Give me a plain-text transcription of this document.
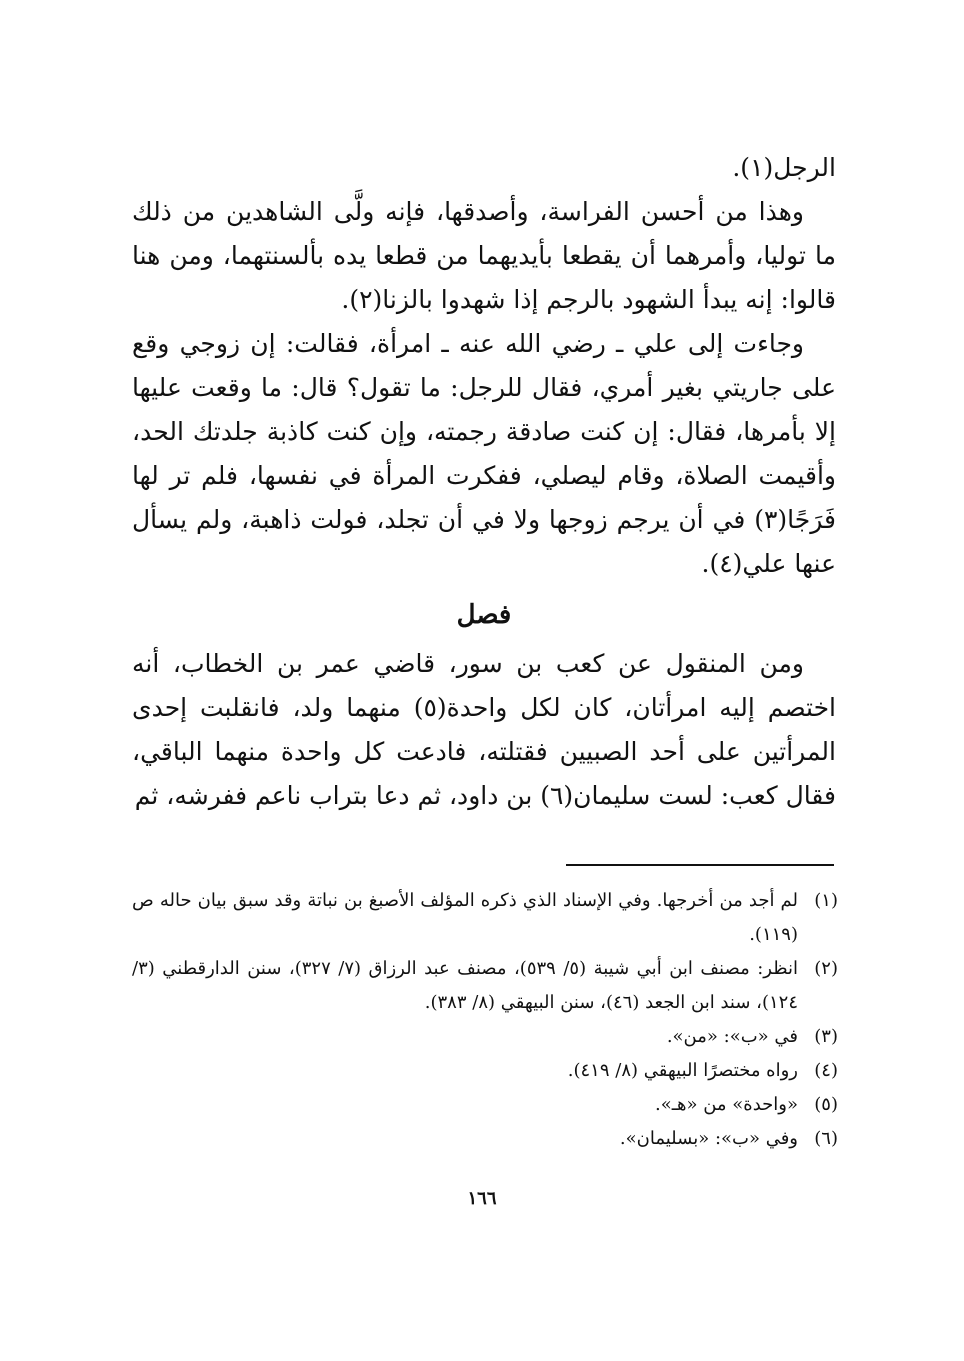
الرجل(١).

وهذا من أحسن الفراسة، وأصدقها، فإنه ولَّى الشاهدين من ذلك ما توليا، وأمرهما أن يقطعا بأيديهما من قطعا يده بألسنتهما، ومن هنا قالوا: إنه يبدأ الشهود بالرجم إذا شهدوا بالزنا(٢).

وجاءت إلى علي ـ رضي الله عنه ـ امرأة، فقالت: إن زوجي وقع على جاريتي بغير أمري، فقال للرجل: ما تقول؟ قال: ما وقعت عليها إلا بأمرها، فقال: إن كنت صادقة رجمته، وإن كنت كاذبة جلدتك الحد، وأقيمت الصلاة، وقام ليصلي، ففكرت المرأة في نفسها، فلم تر لها فَرَجًا(٣) في أن يرجم زوجها ولا في أن تجلد، فولت ذاهبة، ولم يسأل عنها علي(٤).

فصل

ومن المنقول عن كعب بن سور، قاضي عمر بن الخطاب، أنه اختصم إليه امرأتان، كان لكل واحدة(٥) منهما ولد، فانقلبت إحدى المرأتين على أحد الصبيين فقتلته، فادعت كل واحدة منهما الباقي، فقال كعب: لست سليمان(٦) بن داود، ثم دعا بتراب ناعم ففرشه، ثم

(١)
لم أجد من أخرجها. وفي الإسناد الذي ذكره المؤلف الأصبغ بن نباتة وقد سبق بيان حاله ص (١١٩).
(٢)
انظر: مصنف ابن أبي شيبة (٥/ ٥٣٩)، مصنف عبد الرزاق (٧/ ٣٢٧)، سنن الدارقطني (٣/ ١٢٤)، سند ابن الجعد (٤٦)، سنن البيهقي (٨/ ٣٨٣).
(٣)
في «ب»: «من».
(٤)
رواه مختصرًا البيهقي (٨/ ٤١٩).
(٥)
«واحدة» من «هـ».
(٦)
وفي «ب»: «بسليمان».
١٦٦
